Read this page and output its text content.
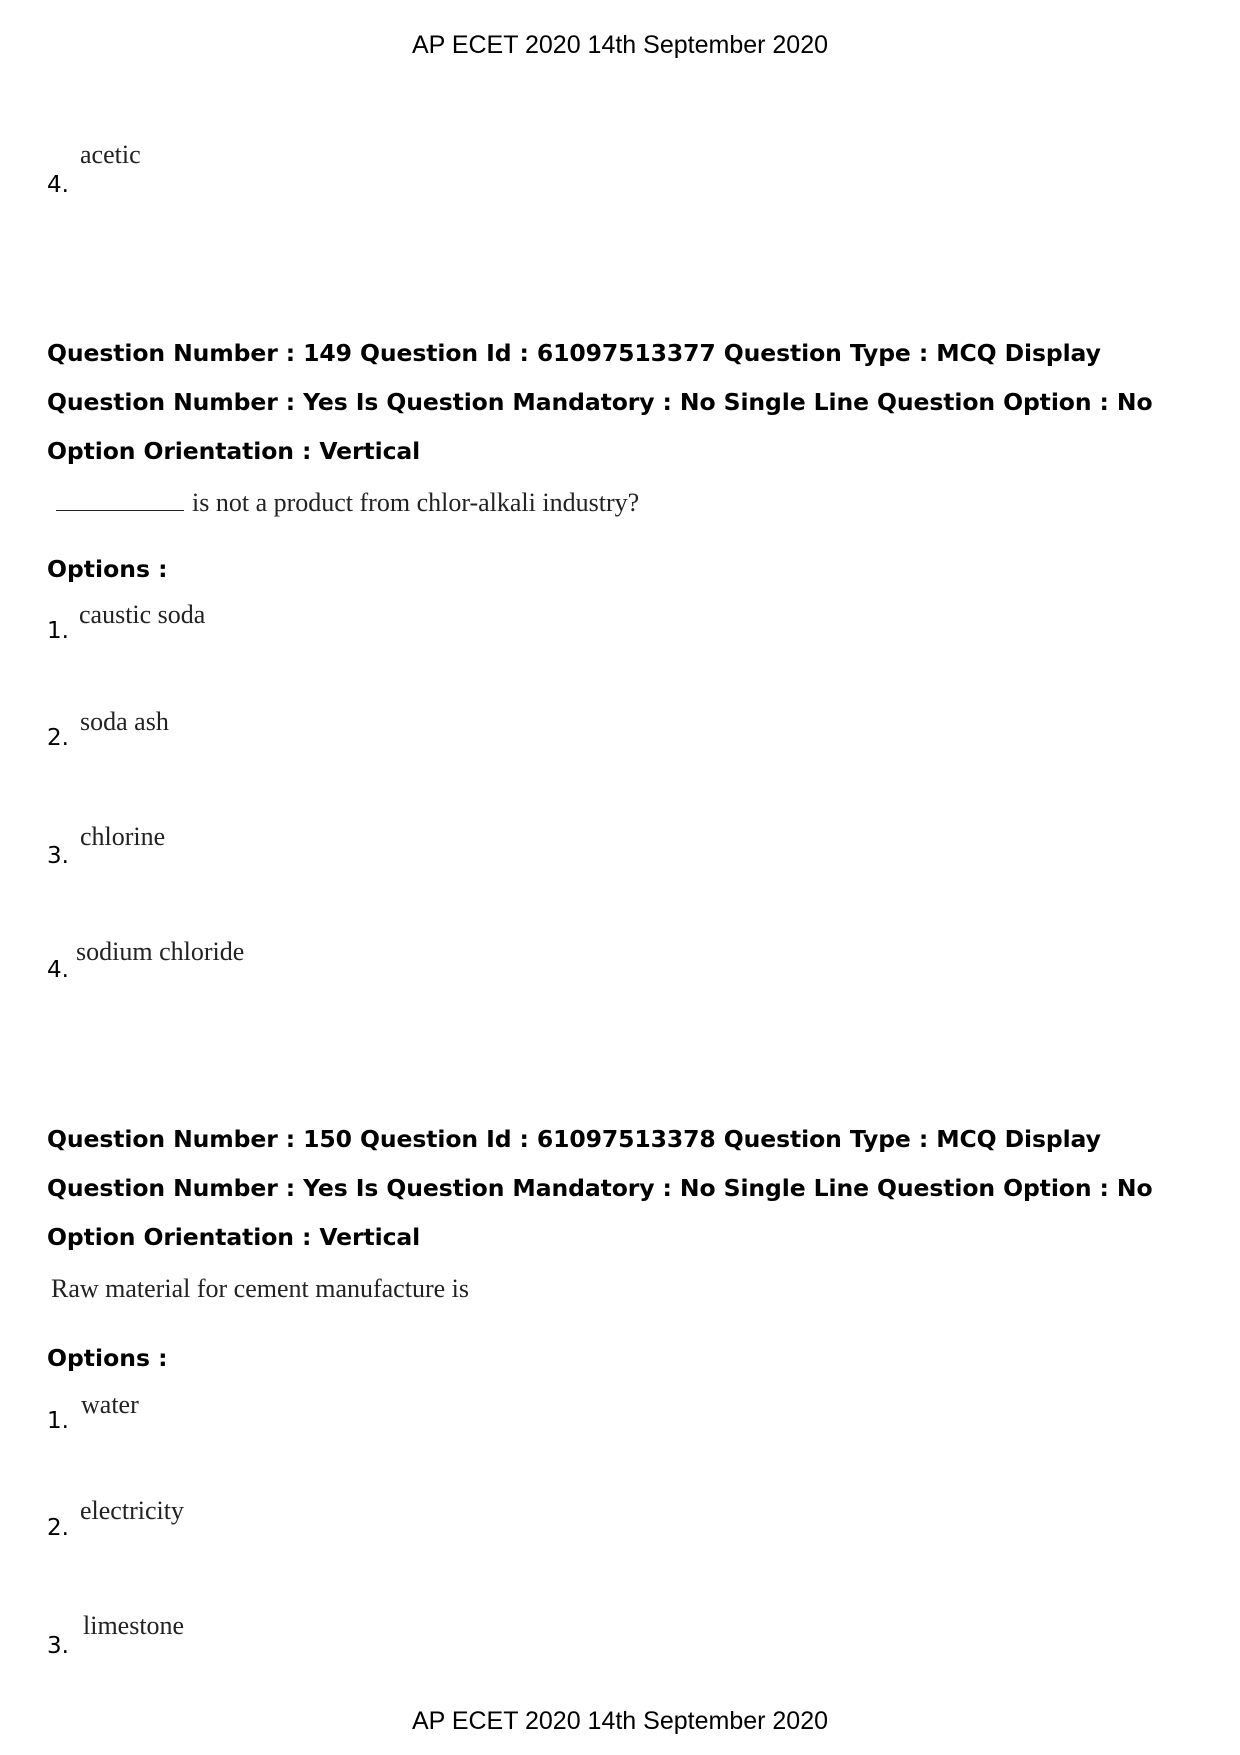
AP ECET 2020 14th September 2020
4.
acetic
Question Number : 149 Question Id : 61097513377 Question Type : MCQ Display Question Number : Yes Is Question Mandatory : No Single Line Question Option : No Option Orientation : Vertical
is not a product from chlor-alkali industry?
Options :
1.
caustic soda
2.
soda ash
3.
chlorine
4.
sodium chloride
Question Number : 150 Question Id : 61097513378 Question Type : MCQ Display Question Number : Yes Is Question Mandatory : No Single Line Question Option : No Option Orientation : Vertical
Raw material for cement manufacture is
Options :
1.
water
2.
electricity
3.
limestone
AP ECET 2020 14th September 2020
